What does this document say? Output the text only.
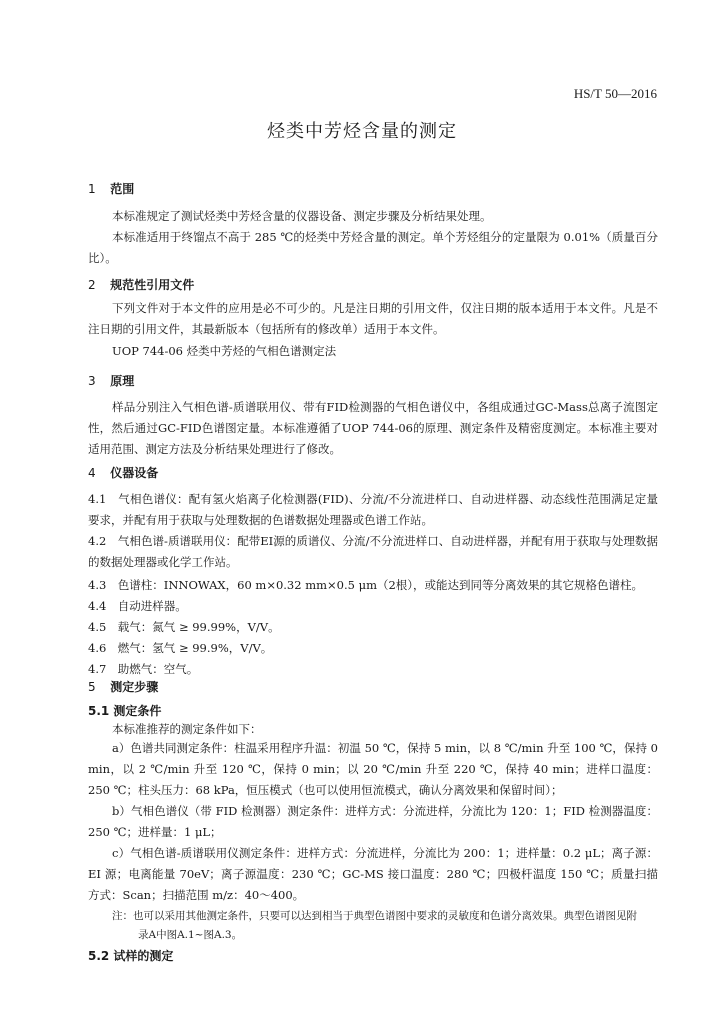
HS/T 50—2016
烃类中芳烃含量的测定
1 范围

本标准规定了测试烃类中芳烃含量的仪器设备、测定步骤及分析结果处理。

本标准适用于终馏点不高于 285 ℃的烃类中芳烃含量的测定。单个芳烃组分的定量限为 0.01%（质量百分比）。

2 规范性引用文件

下列文件对于本文件的应用是必不可少的。凡是注日期的引用文件，仅注日期的版本适用于本文件。凡是不注日期的引用文件，其最新版本（包括所有的修改单）适用于本文件。

UOP 744-06 烃类中芳烃的气相色谱测定法
3 原理

样品分别注入气相色谱-质谱联用仪、带有FID检测器的气相色谱仪中，各组成通过GC-Mass总离子流图定性，然后通过GC-FID色谱图定量。本标准遵循了UOP 744-06的原理、测定条件及精密度测定。本标准主要对适用范围、测定方法及分析结果处理进行了修改。

4 仪器设备

4.1　气相色谱仪：配有氢火焰离子化检测器(FID)、分流/不分流进样口、自动进样器、动态线性范围满足定量要求，并配有用于获取与处理数据的色谱数据处理器或色谱工作站。

4.2　气相色谱-质谱联用仪：配带EI源的质谱仪、分流/不分流进样口、自动进样器，并配有用于获取与处理数据的数据处理器或化学工作站。

4.3　色谱柱：INNOWAX，60 m×0.32 mm×0.5 μm（2根），或能达到同等分离效果的其它规格色谱柱。
4.4　自动进样器。
4.5　载气：氮气 ≥ 99.99%，V/V。
4.6　燃气：氢气 ≥ 99.9%，V/V。
4.7　助燃气：空气。
5 测定步骤
5.1 测定条件
本标准推荐的测定条件如下：

a）色谱共同测定条件：柱温采用程序升温：初温 50 ℃，保持 5 min，以 8 ℃/min 升至 100 ℃，保持 0 min，以 2 ℃/min 升至 120 ℃，保持 0 min；以 20 ℃/min 升至 220 ℃，保持 40 min；进样口温度：250 ℃；柱头压力：68 kPa，恒压模式（也可以使用恒流模式，确认分离效果和保留时间）；

b）气相色谱仪（带 FID 检测器）测定条件：进样方式：分流进样，分流比为 120：1；FID 检测器温度：250 ℃；进样量：1 μL；

c）气相色谱-质谱联用仪测定条件：进样方式：分流进样，分流比为 200：1；进样量：0.2 μL；离子源：EI 源；电离能量 70eV；离子源温度：230 ℃；GC-MS 接口温度：280 ℃；四极杆温度 150 ℃；质量扫描方式：Scan；扫描范围 m/z：40～400。

注：也可以采用其他测定条件，只要可以达到相当于典型色谱图中要求的灵敏度和色谱分离效果。典型色谱图见附
录A中图A.1~图A.3。

5.2 试样的测定
